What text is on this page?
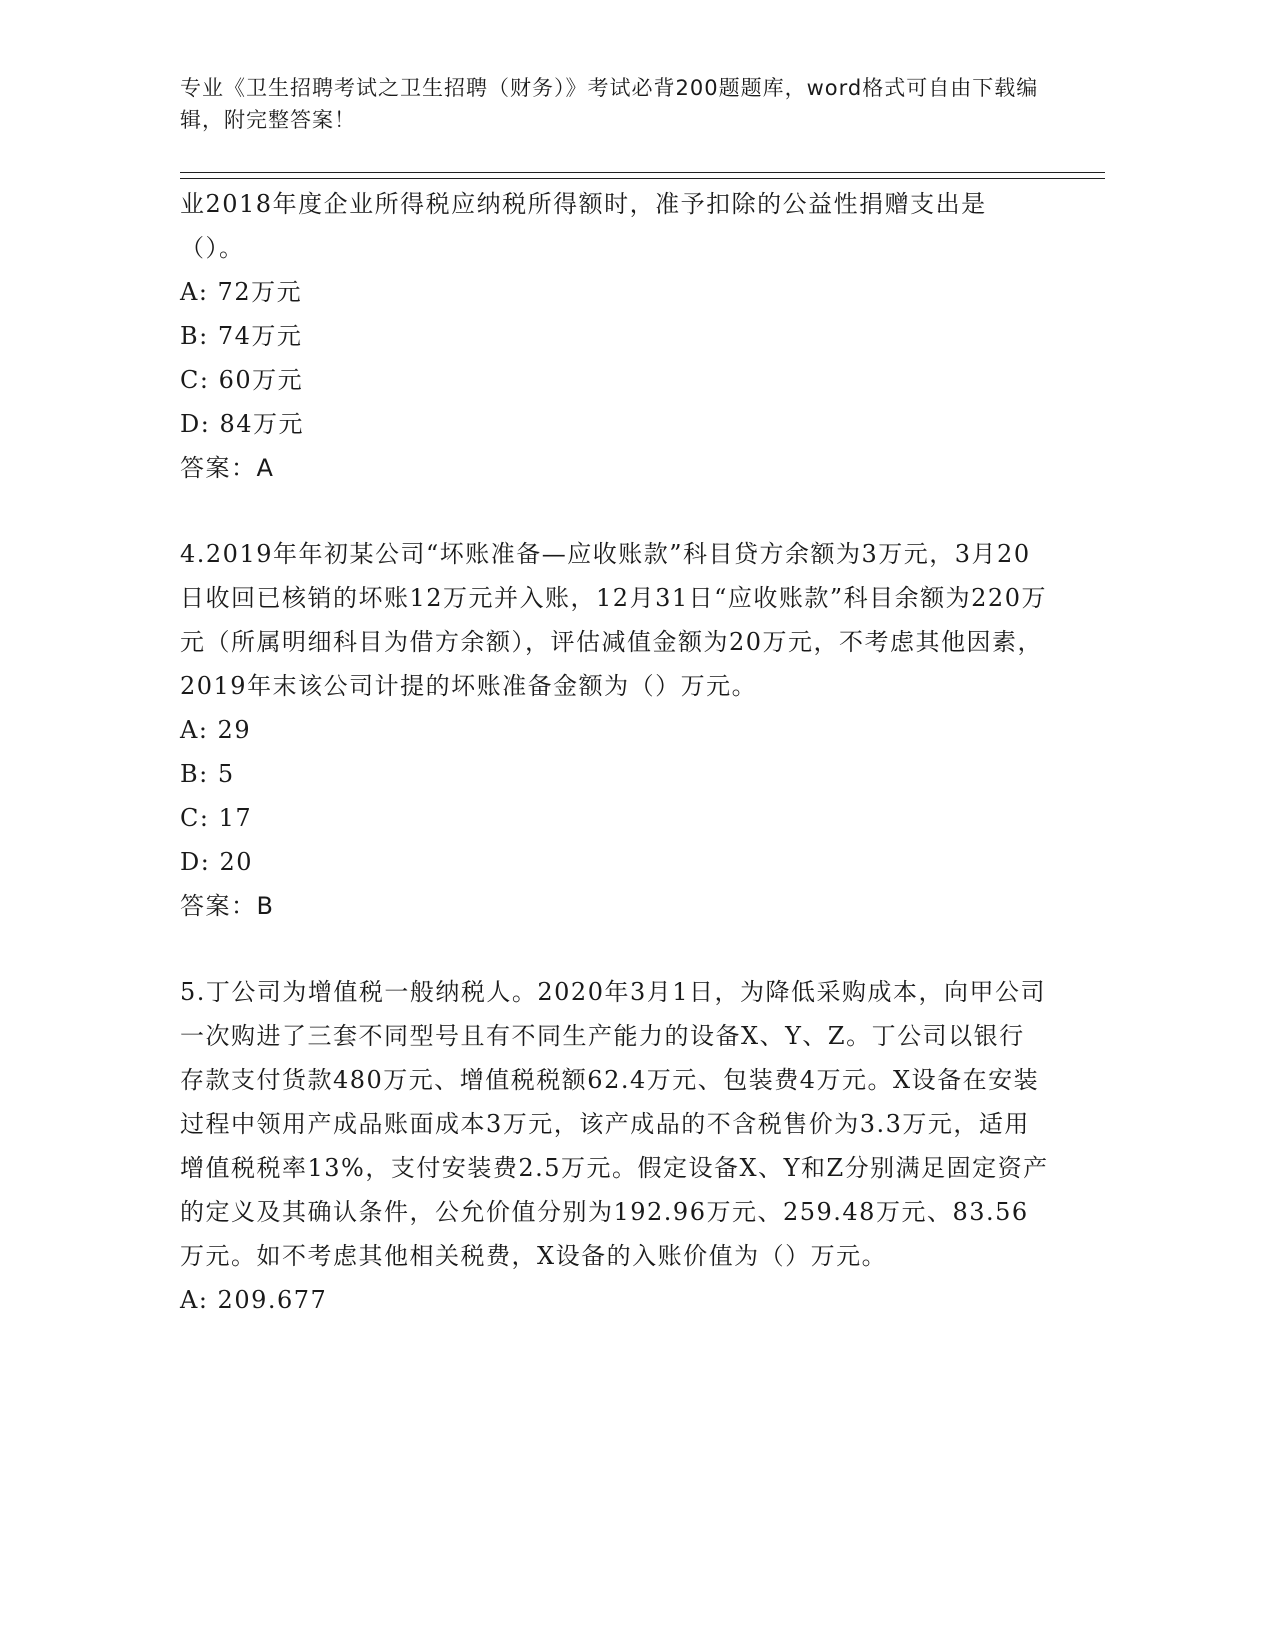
专业《卫生招聘考试之卫生招聘（财务）》考试必背200题题库，word格式可自由下载编辑，附完整答案！

业2018年度企业所得税应纳税所得额时，准予扣除的公益性捐赠支出是（）。

A: 72万元

B: 74万元

C: 60万元

D: 84万元

答案：A

4.2019年年初某公司“坏账准备—应收账款”科目贷方余额为3万元，3月20日收回已核销的坏账12万元并入账，12月31日“应收账款”科目余额为220万元（所属明细科目为借方余额），评估减值金额为20万元，不考虑其他因素，2019年末该公司计提的坏账准备金额为（）万元。

A: 29

B: 5

C: 17

D: 20

答案：B

5.丁公司为增值税一般纳税人。2020年3月1日，为降低采购成本，向甲公司一次购进了三套不同型号且有不同生产能力的设备X、Y、Z。丁公司以银行存款支付货款480万元、增值税税额62.4万元、包装费4万元。X设备在安装过程中领用产成品账面成本3万元，该产成品的不含税售价为3.3万元，适用增值税税率13%，支付安装费2.5万元。假定设备X、Y和Z分别满足固定资产的定义及其确认条件，公允价值分别为192.96万元、259.48万元、83.56万元。如不考虑其他相关税费，X设备的入账价值为（）万元。

A: 209.677
